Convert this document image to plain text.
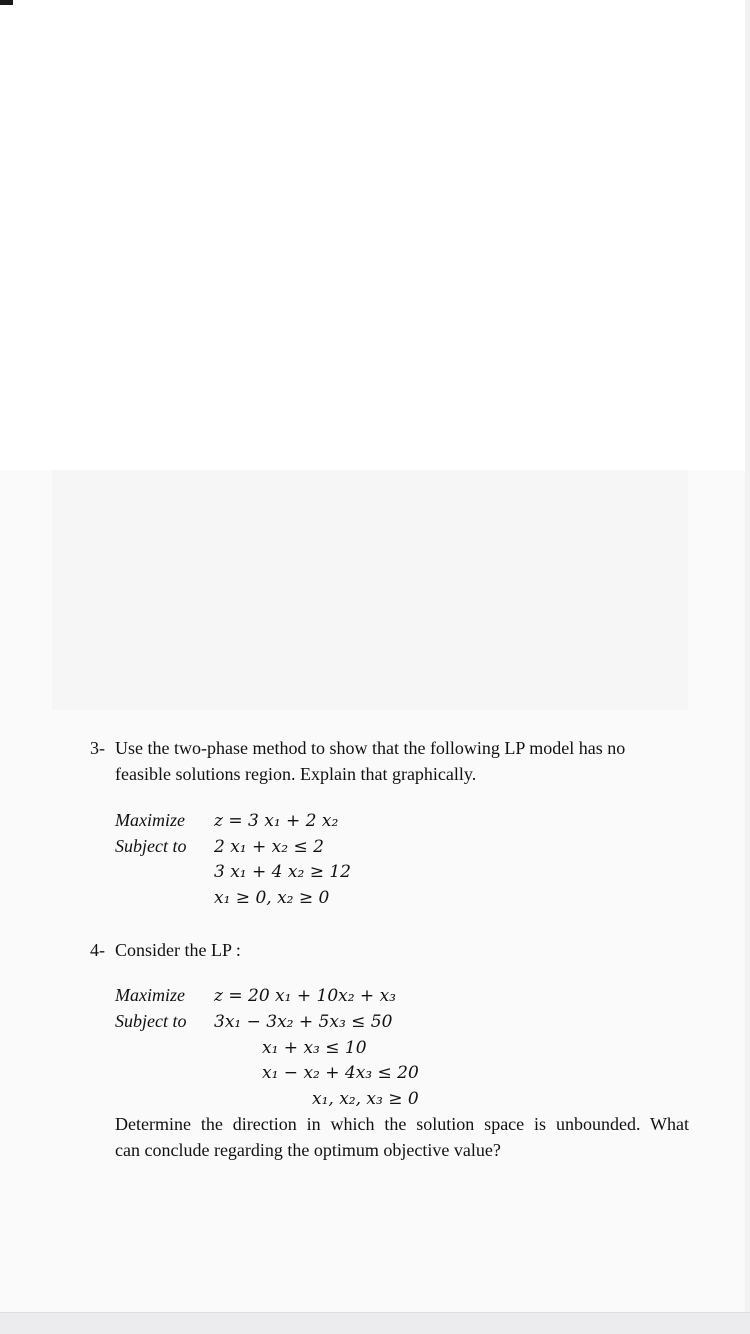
3- Use the two-phase method to show that the following LP model has no
feasible solutions region. Explain that graphically.
Maximize z = 3 x₁ + 2 x₂
Subject to 2 x₁ + x₂ ≤ 2
3 x₁ + 4 x₂ ≥ 12
x₁ ≥ 0, x₂ ≥ 0
4- Consider the LP :
Maximize z = 20 x₁ + 10x₂ + x₃
Subject to 3x₁ − 3x₂ + 5x₃ ≤ 50
x₁ + x₃ ≤ 10
x₁ − x₂ + 4x₃ ≤ 20
x₁, x₂, x₃ ≥ 0
Determine the direction in which the solution space is unbounded. What
can conclude regarding the optimum objective value?
